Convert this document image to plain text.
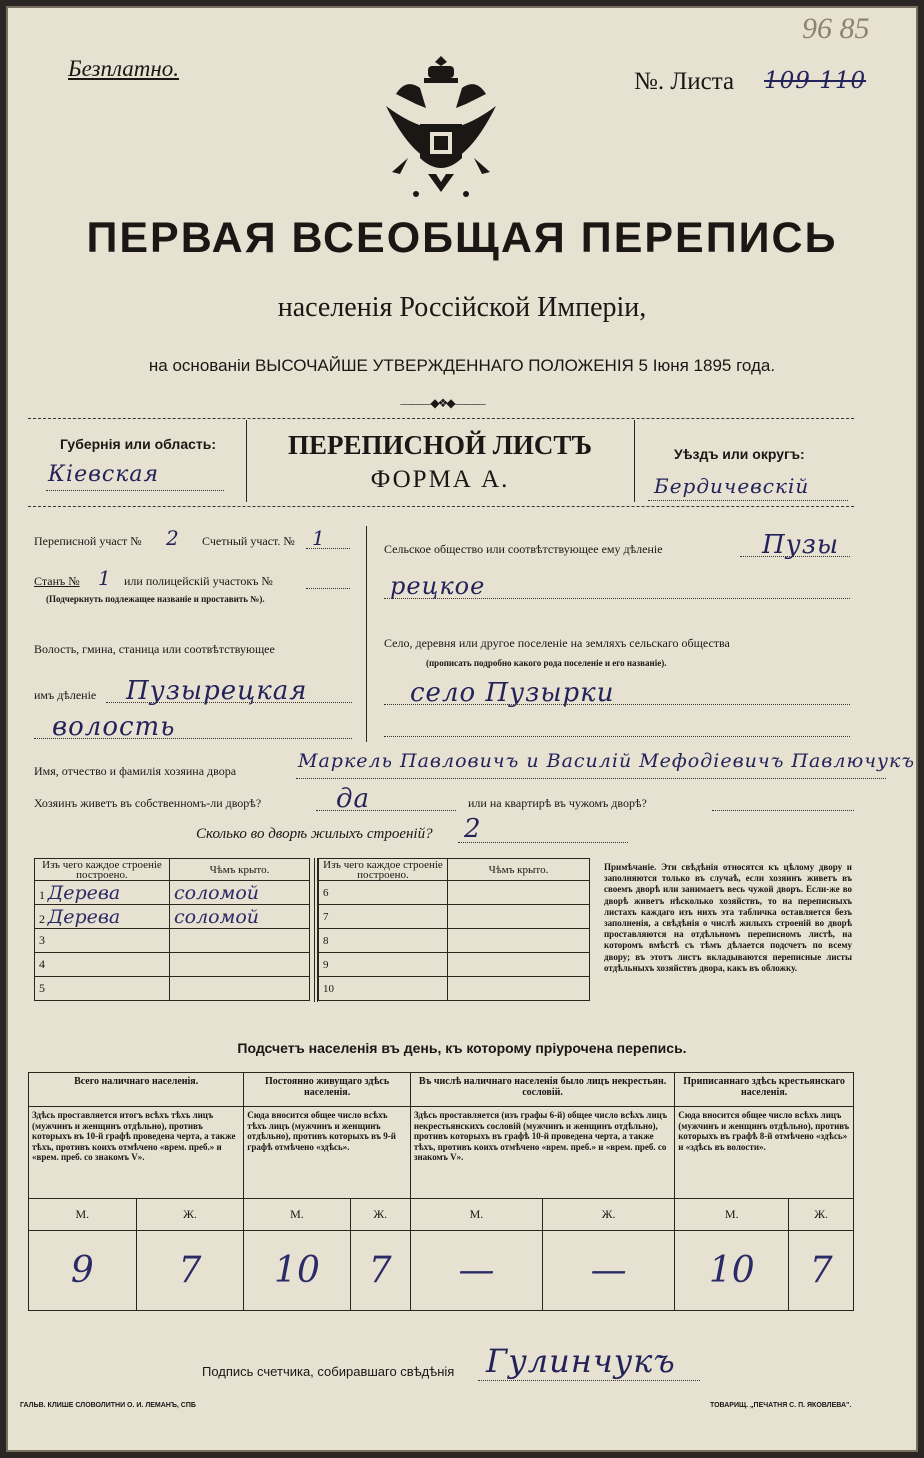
Безплатно.	№. Листа 109 110
96 85
ПЕРВАЯ ВСЕОБЩАЯ ПЕРЕПИСЬ
населенія Россійской Имперіи,
на основаніи ВЫСОЧАЙШЕ УТВЕРЖДЕННАГО ПОЛОЖЕНІЯ 5 Іюня 1895 года.
―――◆❖◆―――
Губернія или область:
Кіевская
ПЕРЕПИСНОЙ ЛИСТЪ
ФОРМА А.
Уѣздъ или округъ:
Бердичевскій
Переписной участ № 2 Счетный участ. № 1
Станъ № 1 или полицейскій участокъ №
(Подчеркнуть подлежащее названіе и проставить №).
Волость, гмина, станица или соотвѣтствующее
имъ дѣленіе Пузырецкая
волость
Сельское общество или соотвѣтствующее ему дѣленіе	Пузы
рецкое
Село, деревня или другое поселеніе на земляхъ сельскаго общества
(прописать подробно какого рода поселеніе и его названіе).
село Пузырки
Имя, отчество и фамилія хозяина двора	Маркель Павловичъ и Василій Мефодіевичъ Павлючукъ
Хозяинъ живетъ въ собственномъ-ли дворѣ?	да	или на квартирѣ въ чужомъ дворѣ?
Сколько во дворѣ жилыхъ строеній? 2
Изъ чего каждое строеніе построено.	Чѣмъ крыто.
1 Дерева	соломой
2 Дерева	соломой
3	
4	
5	
Изъ чего каждое строеніе построено.	Чѣмъ крыто.
6	
7	
8	
9	
10	
Примѣчаніе. Эти свѣдѣнія относятся къ цѣлому двору и заполняются только въ случаѣ, если хозяинъ живетъ въ своемъ дворѣ или занимаетъ весь чужой дворъ. Если-же во дворѣ живетъ нѣсколько хозяйствъ, то на переписныхъ листахъ каждаго изъ нихъ эта табличка оставляется безъ заполненія, а свѣдѣнія о числѣ жилыхъ строеній во дворѣ проставляются на отдѣльномъ переписномъ листѣ, на которомъ вмѣстѣ съ тѣмъ дѣлается подсчетъ по всему двору; въ этотъ листъ вкладываются переписные листы отдѣльныхъ хозяйствъ двора, какъ въ обложку.
Подсчетъ населенія въ день, къ которому пріурочена перепись.
Всего наличнаго населенія.		Постоянно живущаго здѣсь населенія.		Въ числѣ наличнаго населенія было лицъ некрестьян. сословій.		Приписаннаго здѣсь крестьянскаго населенія.	
Здѣсь проставляется итогъ всѣхъ тѣхъ лицъ (мужчинъ и женщинъ отдѣльно), противъ которыхъ въ 10-й графѣ проведена черта, а также тѣхъ, противъ коихъ отмѣчено «врем. преб.» и «врем. преб. со знакомъ V».		Сюда вносится общее число всѣхъ тѣхъ лицъ (мужчинъ и женщинъ отдѣльно), противъ которыхъ въ 9-й графѣ отмѣчено «здѣсь».		Здѣсь проставляется (изъ графы 6-й) общее число всѣхъ лицъ некрестьянскихъ сословій (мужчинъ и женщинъ отдѣльно), противъ которыхъ въ графѣ 10-й проведена черта, а также тѣхъ, противъ коихъ отмѣчено «врем. преб.» и «врем. преб. со знакомъ V».		Сюда вносится общее число всѣхъ лицъ (мужчинъ и женщинъ отдѣльно), противъ которыхъ въ графѣ 8-й отмѣчено «здѣсь» и «здѣсь въ волости».	
М.	Ж.	М.	Ж.	М.	Ж.	М.	Ж.
9	7	10	7	—	—	10	7
Подпись счетчика, собиравшаго свѣдѣнія Гулинчукъ
ГАЛЬВ. КЛИШЕ СЛОВОЛИТНИ О. И. ЛЕМАНЪ, СПБ	ТОВАРИЩ. „ПЕЧАТНЯ С. П. ЯКОВЛЕВА".
